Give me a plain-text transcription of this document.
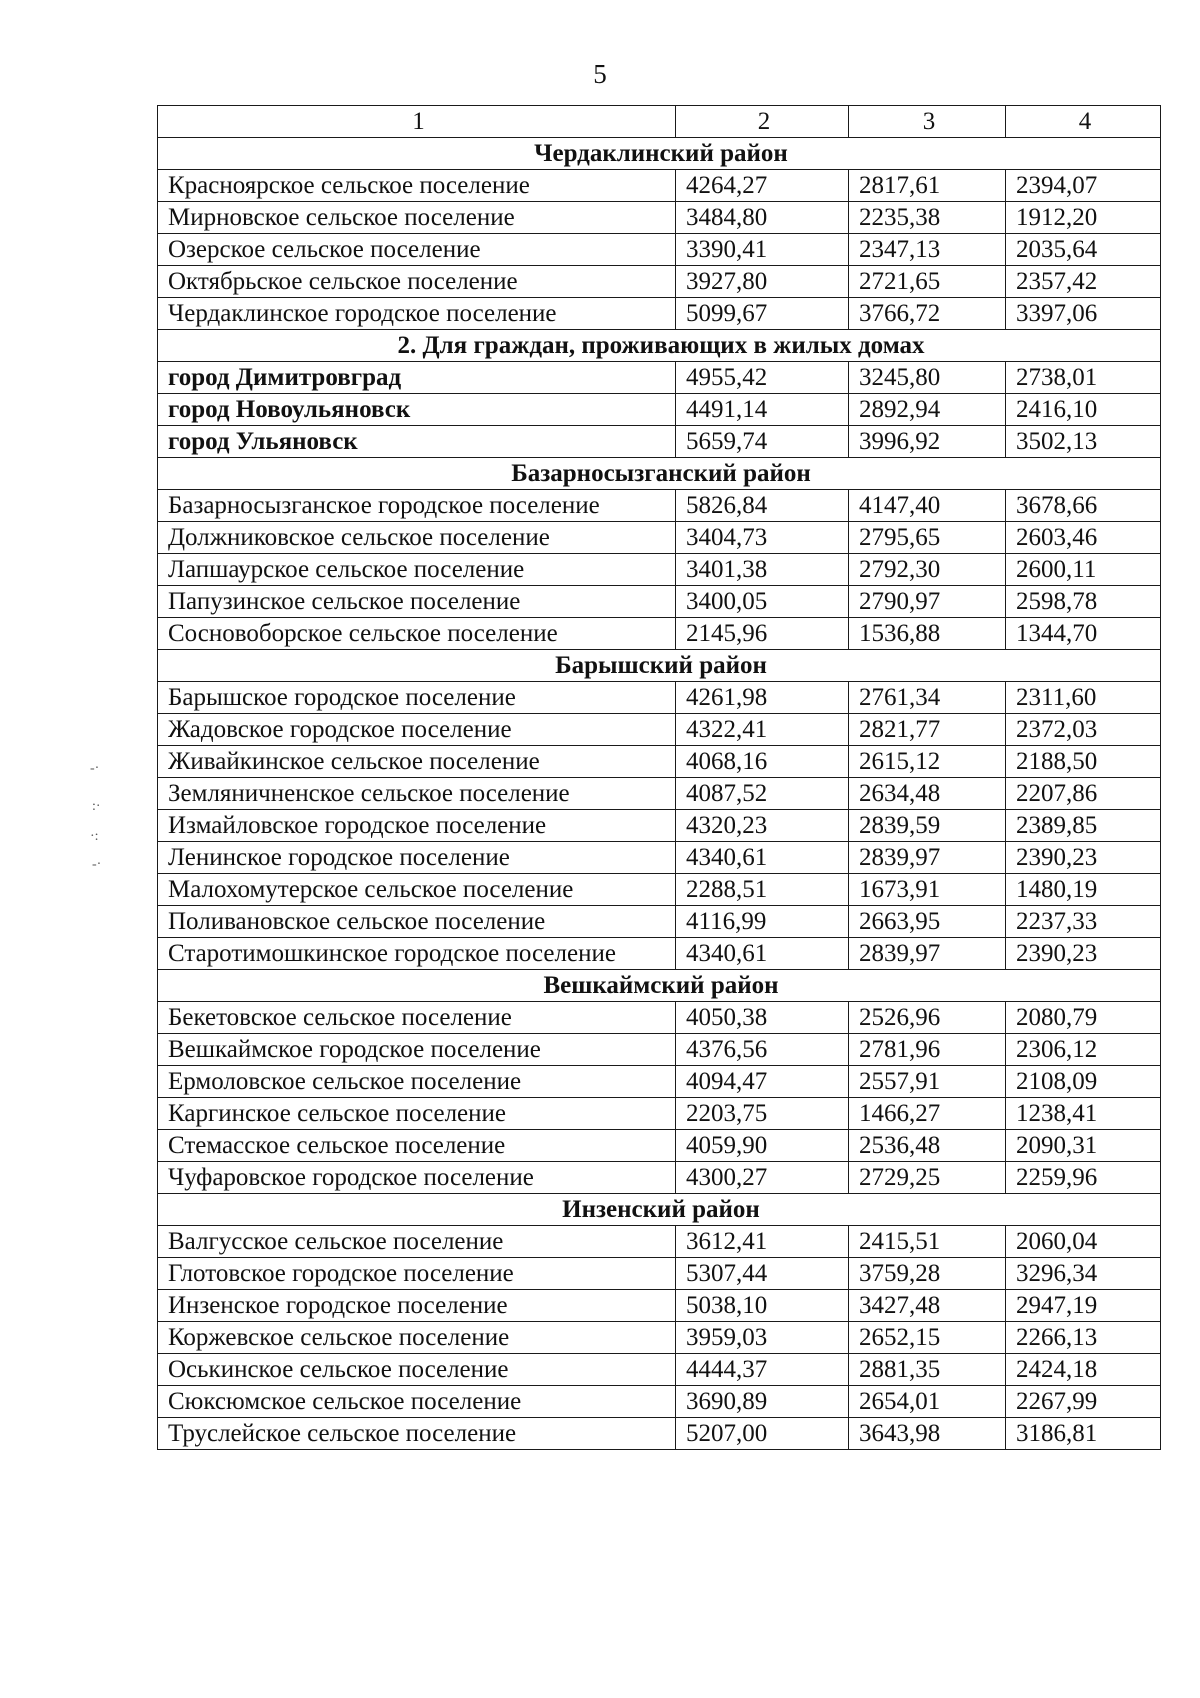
5
1	2	3	4
Чердаклинский район			
Красноярское сельское поселение	4264,27	2817,61	2394,07
Мирновское сельское поселение	3484,80	2235,38	1912,20
Озерское сельское поселение	3390,41	2347,13	2035,64
Октябрьское сельское поселение	3927,80	2721,65	2357,42
Чердаклинское городское поселение	5099,67	3766,72	3397,06
2. Для граждан, проживающих в жилых домах			
город Димитровград	4955,42	3245,80	2738,01
город Новоульяновск	4491,14	2892,94	2416,10
город Ульяновск	5659,74	3996,92	3502,13
Базарносызганский район			
Базарносызганское городское поселение	5826,84	4147,40	3678,66
Должниковское сельское поселение	3404,73	2795,65	2603,46
Лапшаурское сельское поселение	3401,38	2792,30	2600,11
Папузинское сельское поселение	3400,05	2790,97	2598,78
Сосновоборское сельское поселение	2145,96	1536,88	1344,70
Барышский район			
Барышское городское поселение	4261,98	2761,34	2311,60
Жадовское городское поселение	4322,41	2821,77	2372,03
Живайкинское сельское поселение	4068,16	2615,12	2188,50
Земляничненское сельское поселение	4087,52	2634,48	2207,86
Измайловское городское поселение	4320,23	2839,59	2389,85
Ленинское городское поселение	4340,61	2839,97	2390,23
Малохомутерское сельское поселение	2288,51	1673,91	1480,19
Поливановское сельское поселение	4116,99	2663,95	2237,33
Старотимошкинское городское поселение	4340,61	2839,97	2390,23
Вешкаймский район			
Бекетовское сельское поселение	4050,38	2526,96	2080,79
Вешкаймское городское поселение	4376,56	2781,96	2306,12
Ермоловское сельское поселение	4094,47	2557,91	2108,09
Каргинское сельское поселение	2203,75	1466,27	1238,41
Стемасское сельское поселение	4059,90	2536,48	2090,31
Чуфаровское городское поселение	4300,27	2729,25	2259,96
Инзенский район			
Валгусское сельское поселение	3612,41	2415,51	2060,04
Глотовское городское поселение	5307,44	3759,28	3296,34
Инзенское городское поселение	5038,10	3427,48	2947,19
Коржевское сельское поселение	3959,03	2652,15	2266,13
Оськинское сельское поселение	4444,37	2881,35	2424,18
Сюксюмское сельское поселение	3690,89	2654,01	2267,99
Труслейское сельское поселение	5207,00	3643,98	3186,81
-·
:·
·:
-·
